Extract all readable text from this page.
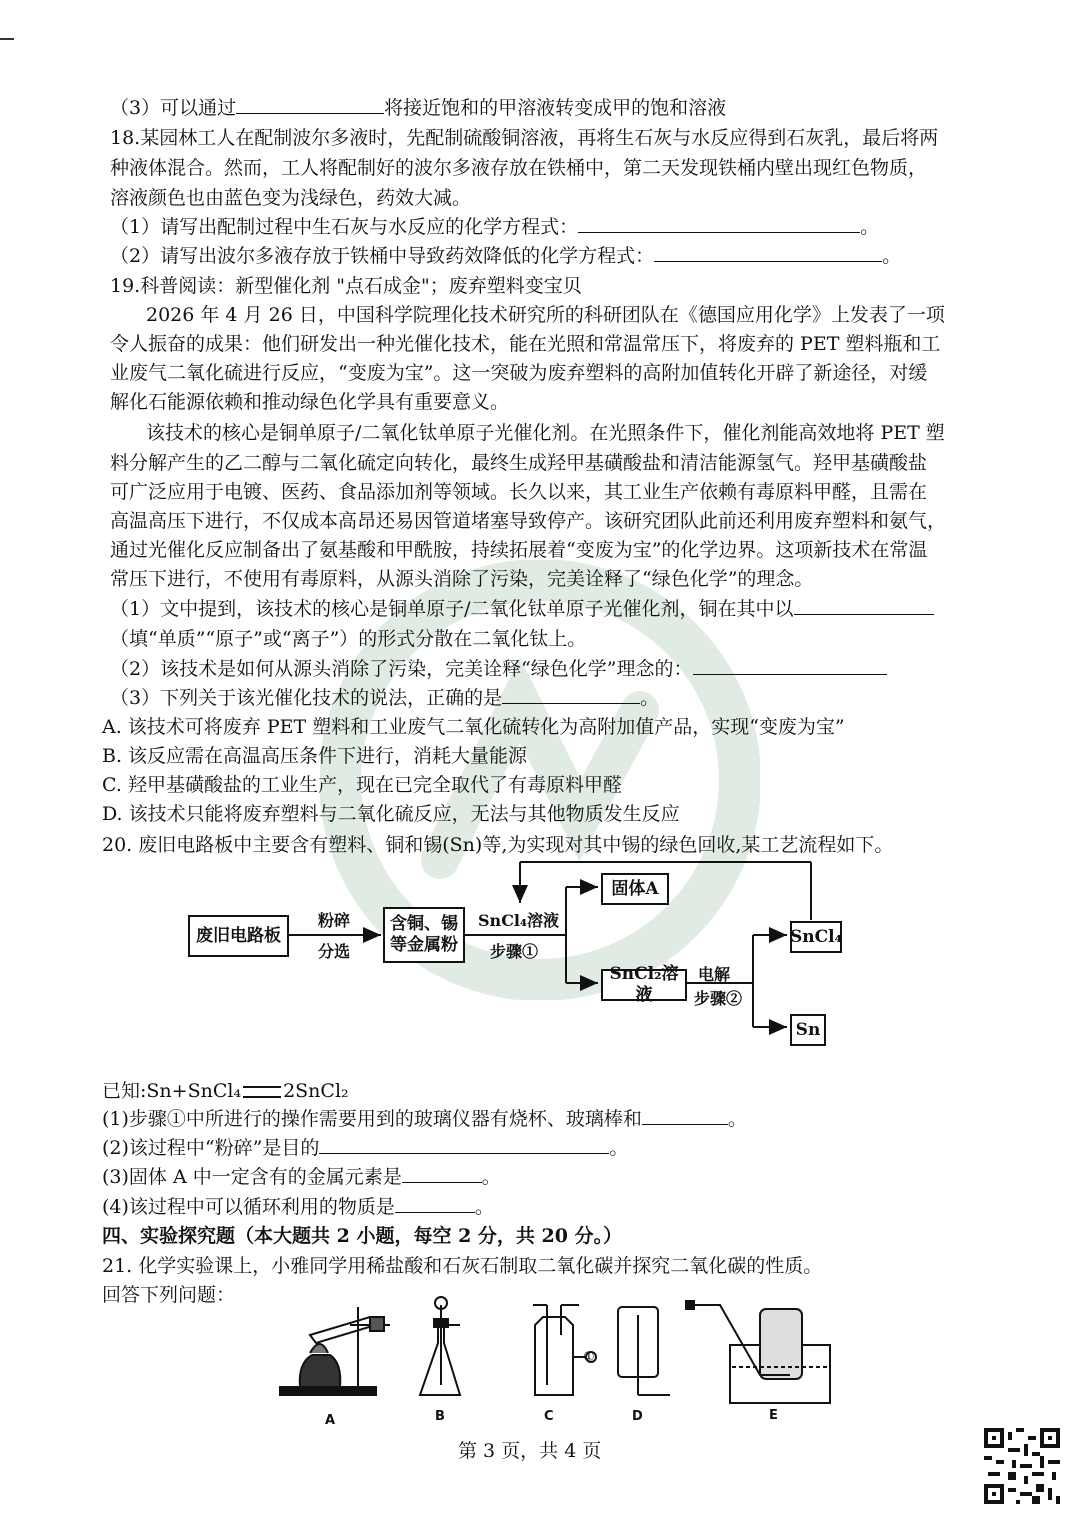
（3）可以通过	将接近饱和的甲溶液转变成甲的饱和溶液
18.某园林工人在配制波尔多液时，先配制硫酸铜溶液，再将生石灰与水反应得到石灰乳，最后将两
种液体混合。然而，工人将配制好的波尔多液存放在铁桶中，第二天发现铁桶内壁出现红色物质，
溶液颜色也由蓝色变为浅绿色，药效大减。
（1）请写出配制过程中生石灰与水反应的化学方程式：	。
（2）请写出波尔多液存放于铁桶中导致药效降低的化学方程式：	。
19.科普阅读：新型催化剂 "点石成金"；废弃塑料变宝贝
2026 年 4 月 26 日，中国科学院理化技术研究所的科研团队在《德国应用化学》上发表了一项
令人振奋的成果：他们研发出一种光催化技术，能在光照和常温常压下，将废弃的 PET 塑料瓶和工
业废气二氧化硫进行反应，“变废为宝”。这一突破为废弃塑料的高附加值转化开辟了新途径，对缓
解化石能源依赖和推动绿色化学具有重要意义。
该技术的核心是铜单原子/二氧化钛单原子光催化剂。在光照条件下，催化剂能高效地将 PET 塑
料分解产生的乙二醇与二氧化硫定向转化，最终生成羟甲基磺酸盐和清洁能源氢气。羟甲基磺酸盐
可广泛应用于电镀、医药、食品添加剂等领域。长久以来，其工业生产依赖有毒原料甲醛，且需在
高温高压下进行，不仅成本高昂还易因管道堵塞导致停产。该研究团队此前还利用废弃塑料和氨气，
通过光催化反应制备出了氨基酸和甲酰胺，持续拓展着“变废为宝”的化学边界。这项新技术在常温
常压下进行，不使用有毒原料，从源头消除了污染，完美诠释了“绿色化学”的理念。
（1）文中提到，该技术的核心是铜单原子/二氧化钛单原子光催化剂，铜在其中以
（填“单质”“原子”或“离子”）的形式分散在二氧化钛上。
（2）该技术是如何从源头消除了污染，完美诠释“绿色化学”理念的：
（3）下列关于该光催化技术的说法，正确的是	。
A. 该技术可将废弃 PET 塑料和工业废气二氧化硫转化为高附加值产品，实现“变废为宝”
B. 该反应需在高温高压条件下进行，消耗大量能源
C. 羟甲基磺酸盐的工业生产，现在已完全取代了有毒原料甲醛
D. 该技术只能将废弃塑料与二氧化硫反应，无法与其他物质发生反应
20. 废旧电路板中主要含有塑料、铜和锡(Sn)等,为实现对其中锡的绿色回收,某工艺流程如下。
废旧电路板
粉碎
分选
含铜、锡
等金属粉
SnCl₄溶液
步骤①
固体A
SnCl₂溶液
电解
步骤②
SnCl₄
Sn
已知:Sn+SnCl₄ 2SnCl₂
(1)步骤①中所进行的操作需要用到的玻璃仪器有烧杯、玻璃棒和	。
(2)该过程中“粉碎”是目的	。
(3)固体 A 中一定含有的金属元素是	。
(4)该过程中可以循环利用的物质是	。
四、实验探究题（本大题共 2 小题，每空 2 分，共 20 分。）
21. 化学实验课上，小雅同学用稀盐酸和石灰石制取二氧化碳并探究二氧化碳的性质。
回答下列问题：
A	B	C	D	E
①
第 3 页，共 4 页
